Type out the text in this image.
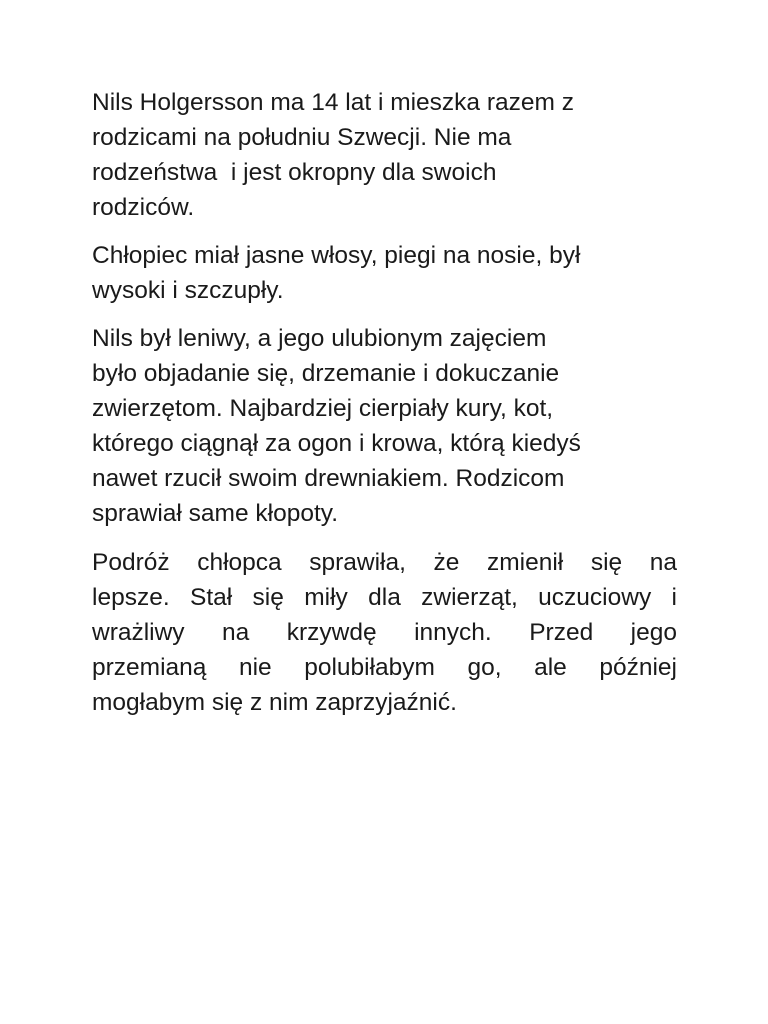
Nils Holgersson ma 14 lat i mieszka razem z
rodzicami na południu Szwecji. Nie ma
rodzeństwa  i jest okropny dla swoich
rodziców.

Chłopiec miał jasne włosy, piegi na nosie, był
wysoki i szczupły.

Nils był leniwy, a jego ulubionym zajęciem
było objadanie się, drzemanie i dokuczanie
zwierzętom. Najbardziej cierpiały kury, kot,
którego ciągnął za ogon i krowa, którą kiedyś
nawet rzucił swoim drewniakiem. Rodzicom
sprawiał same kłopoty.

Podróż chłopca sprawiła, że zmienił się na
lepsze. Stał się miły dla zwierząt, uczuciowy i
wrażliwy na krzywdę innych. Przed jego
przemianą nie polubiłabym go, ale później
mogłabym się z nim zaprzyjaźnić.
